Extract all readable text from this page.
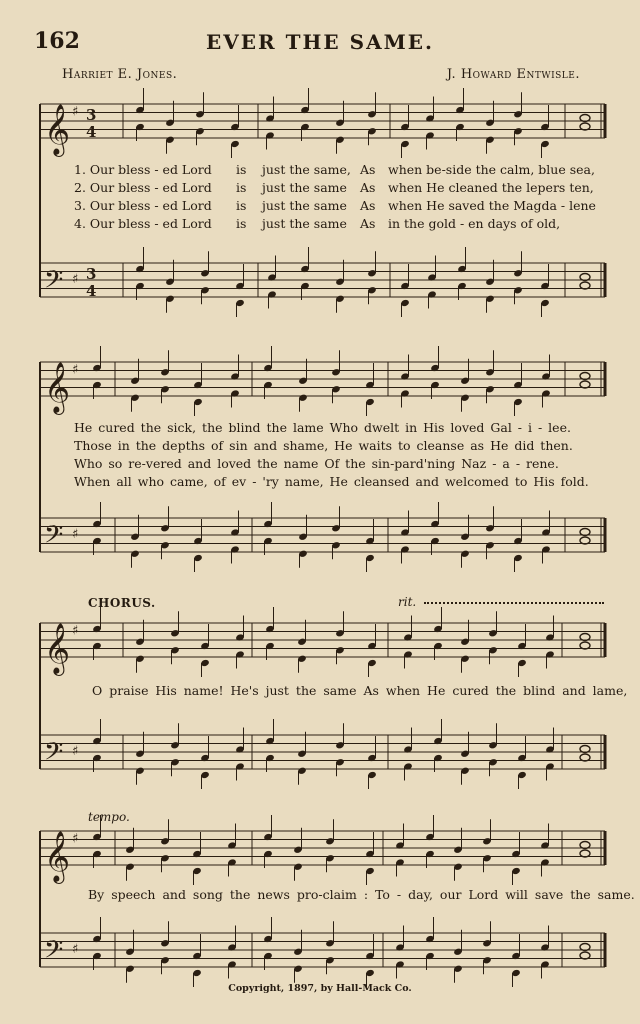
162	EVER THE SAME.
Harriet E. Jones.	J. Howard Entwisle.
𝄞 ♯ 3
4
𝄢 ♯ 3
4
𝄞 ♯
𝄢 ♯
𝄞 ♯
𝄢 ♯
𝄞 ♯
𝄢 ♯
1. Our bless - ed Lord is just the same, As when be-side the calm, blue sea,
2. Our bless - ed Lord is just the same As when He cleaned the lepers ten,
3. Our bless - ed Lord is just the same As when He saved the Magda - lene
4. Our bless - ed Lord is just the same As in the gold - en days of old,
He cured the sick, the blind the lame Who dwelt in His loved Gal - i - lee.
Those in the depths of sin and shame, He waits to cleanse as He did then.
Who so re-vered and loved the name Of the sin-pard'ning Naz - a - rene.
When all who came, of ev - 'ry name, He cleansed and welcomed to His fold.
CHORUS.	rit.
O praise His name! He's just the same As when He cured the blind and lame,
tempo.
By speech and song the news pro-claim : To - day, our Lord will save the same.
Copyright, 1897, by Hall-Mack Co.
